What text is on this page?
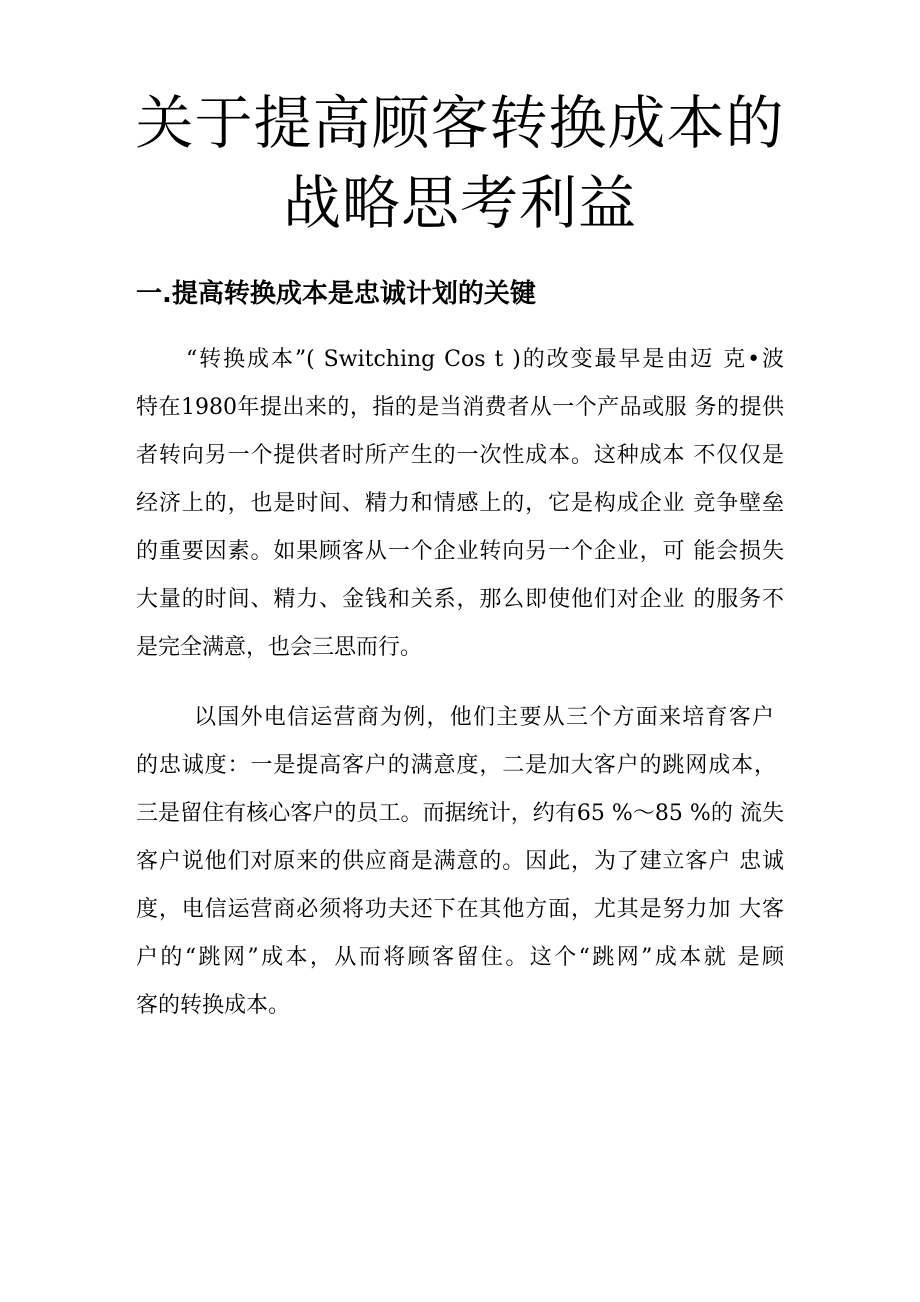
关于提高顾客转换成本的
战略思考利益
一.提高转换成本是忠诚计划的关键
“转换成本”( Switching Cos t )的改变最早是由迈 克•波
特在1980年提出来的，指的是当消费者从一个产品或服 务的提供
者转向另一个提供者时所产生的一次性成本。这种成本 不仅仅是
经济上的，也是时间、精力和情感上的，它是构成企业 竞争壁垒
的重要因素。如果顾客从一个企业转向另一个企业，可 能会损失
大量的时间、精力、金钱和关系，那么即使他们对企业 的服务不
是完全满意，也会三思而行。
以国外电信运营商为例，他们主要从三个方面来培育客户
的忠诚度：一是提高客户的满意度，二是加大客户的跳网成本，
三是留住有核心客户的员工。而据统计，约有65 %～85 %的 流失
客户说他们对原来的供应商是满意的。因此，为了建立客户 忠诚
度，电信运营商必须将功夫还下在其他方面，尤其是努力加 大客
户的“跳网”成本，从而将顾客留住。这个“跳网”成本就 是顾
客的转换成本。
